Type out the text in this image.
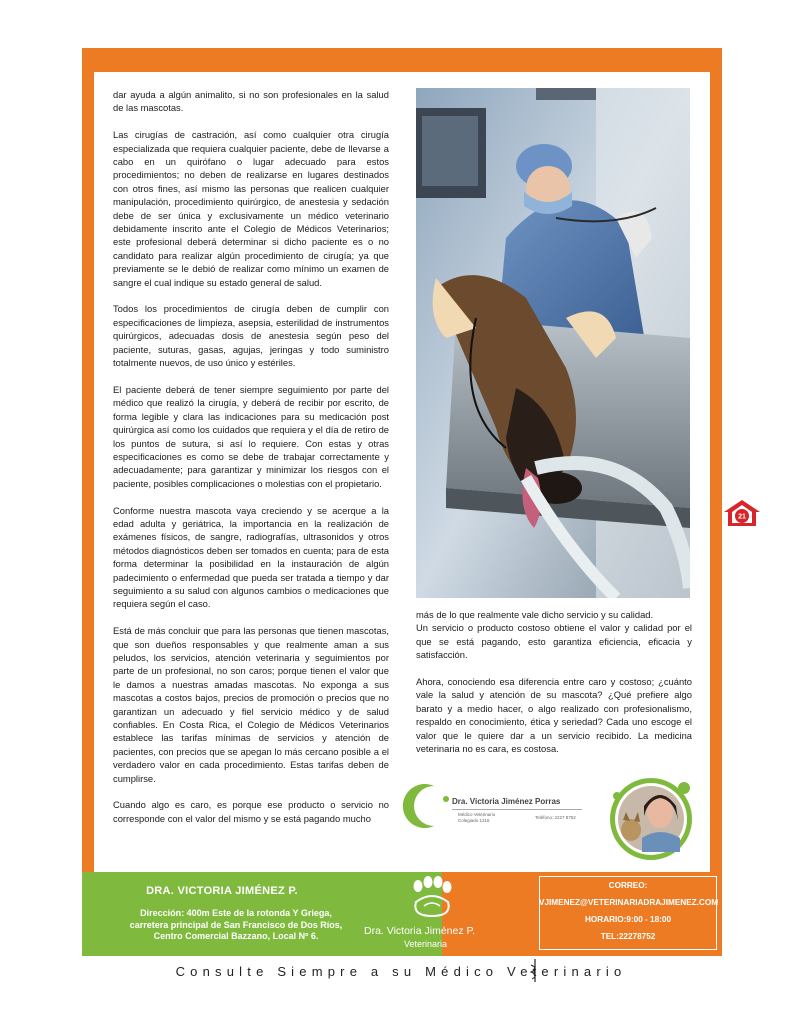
dar ayuda a algún animalito, si no son profesionales en la salud de las mascotas.

Las cirugías de castración, así como cualquier otra cirugía especializada que requiera cualquier paciente, debe de llevarse a cabo en un quirófano o lugar adecuado para estos procedimientos; no deben de realizarse en lugares destinados con otros fines, así mismo las personas que realicen cualquier manipulación, procedimiento quirúrgico, de anestesia y sedación debe de ser única y exclusivamente un médico veterinario debidamente inscrito ante el Colegio de Médicos Veterinarios; este profesional deberá determinar si dicho paciente es o no candidato para realizar algún procedimiento de cirugía; ya que previamente se le debió de realizar como mínimo un examen de sangre el cual indique su estado general de salud.

Todos los procedimientos de cirugía deben de cumplir con especificaciones de limpieza, asepsia, esterilidad de instrumentos quirúrgicos, adecuadas dosis de anestesia según peso del paciente, suturas, gasas, agujas, jeringas y todo suministro totalmente nuevos, de uso único y estériles.

El paciente deberá de tener siempre seguimiento por parte del médico que realizó la cirugía, y deberá de recibir por escrito, de forma legible y clara las indicaciones para su medicación post quirúrgica así como los cuidados que requiera y el día de retiro de los puntos de sutura, si así lo requiere. Con estas y otras especificaciones es como se debe de trabajar correctamente y adecuadamente; para garantizar y minimizar los riesgos con el paciente, posibles complicaciones o molestias con el propietario.

Conforme nuestra mascota vaya creciendo y se acerque a la edad adulta y geriátrica, la importancia en la realización de exámenes físicos, de sangre, radiografías, ultrasonidos y otros métodos diagnósticos deben ser tomados en cuenta; para de esta forma determinar la posibilidad en la instauración de algún padecimiento o enfermedad que pueda ser tratada a tiempo y dar seguimiento a su salud con algunos cambios o medicaciones que requiera según el caso.

Está de más concluir que para las personas que tienen mascotas, que son dueños responsables y que realmente aman a sus peludos, los servicios, atención veterinaria y seguimientos por parte de un profesional, no son caros; porque tienen el valor que le damos a nuestras amadas mascotas. No exponga a sus mascotas a costos bajos, precios de promoción o precios que no garantizan un adecuado y fiel servicio médico y de salud confiables. En Costa Rica, el Colegio de Médicos Veterinarios establece las tarifas mínimas de servicios y atención de pacientes, con precios que se apegan lo más cercano posible a el verdadero valor en cada procedimiento. Estas tarifas deben de cumplirse.

Cuando algo es caro, es porque ese producto o servicio no corresponde con el valor del mismo y se está pagando mucho

más de lo que realmente vale dicho servicio y su calidad.
Un servicio o producto costoso obtiene el valor y calidad por el que se está pagando, esto garantiza eficiencia, eficacia y satisfacción.

Ahora, conociendo esa diferencia entre caro y costoso; ¿cuánto vale la salud y atención de su mascota? ¿Qué prefiere algo barato y a medio hacer, o algo realizado con profesionalismo, respaldo en conocimiento, ética y seriedad? Cada uno escoge el valor que le quiere dar a un servicio recibido. La medicina veterinaria no es cara, es costosa.

21
Dra. Victoria Jiménez Porras
Médico Veterinario
Colegiado 1316
Teléfono: 2227 8752
DRA. VICTORIA JIMÉNEZ P.
Dirección: 400m Este de la rotonda Y Griega,
carretera principal de San Francisco de Dos Ríos,
Centro Comercial Bazzano, Local Nº 6.	Dra. Victoria Jiménez P.
Veterinaria
CORREO:
VJIMENEZ@VETERINARIADRAJIMENEZ.COM
HORARIO:9:00 - 18:00
TEL:22278752
Consulte Siempre a su Médico Veterinario
